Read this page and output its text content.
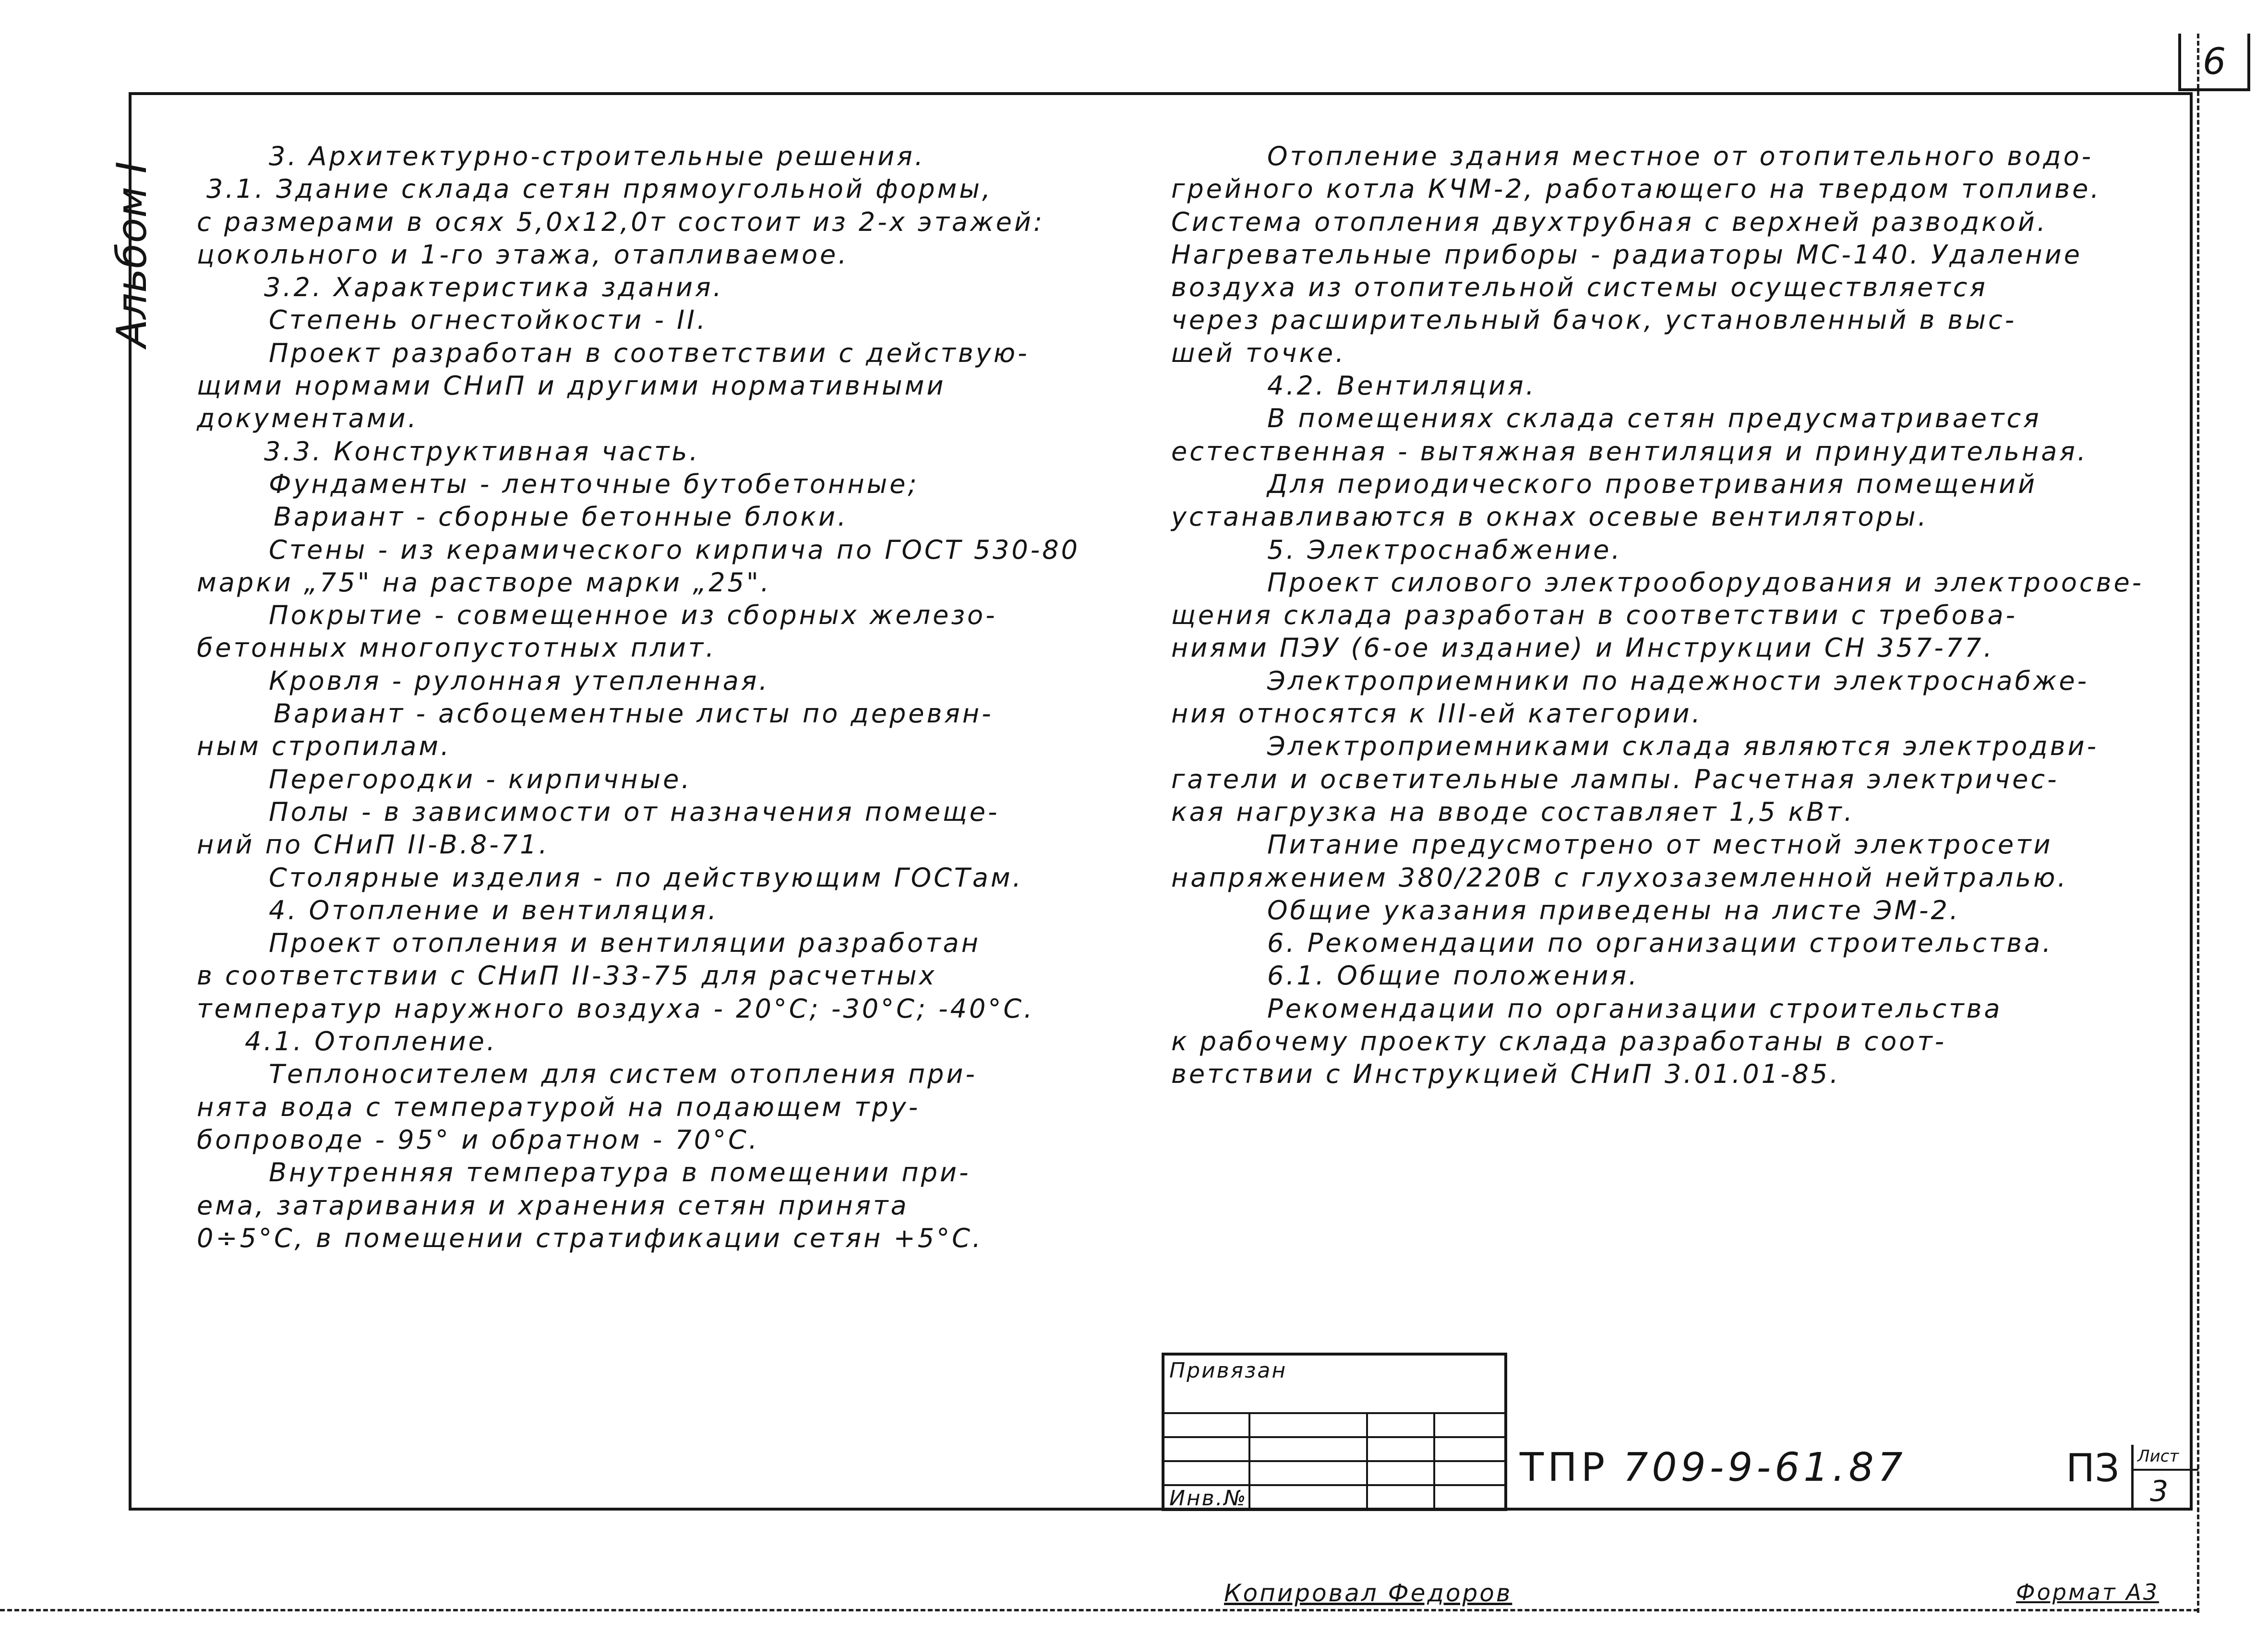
6
Альбом I
3. Архитектурно-строительные решения.
3.1. Здание склада сетян прямоугольной формы,
с размерами в осях 5,0х12,0т состоит из 2-х этажей:
цокольного и 1-го этажа, отапливаемое.
3.2. Характеристика здания.
Степень огнестойкости - II.
Проект разработан в соответствии с действую-
щими нормами СНиП и другими нормативными
документами.
3.3. Конструктивная часть.
Фундаменты - ленточные бутобетонные;
Вариант - сборные бетонные блоки.
Стены - из керамического кирпича по ГОСТ 530-80
марки „75" на растворе марки „25".
Покрытие - совмещенное из сборных железо-
бетонных многопустотных плит.
Кровля - рулонная утепленная.
Вариант - асбоцементные листы по деревян-
ным стропилам.
Перегородки - кирпичные.
Полы - в зависимости от назначения помеще-
ний по СНиП II-В.8-71.
Столярные изделия - по действующим ГОСТам.
4. Отопление и вентиляция.
Проект отопления и вентиляции разработан
в соответствии с СНиП II-33-75 для расчетных
температур наружного воздуха - 20°С; -30°С; -40°С.
4.1. Отопление.
Теплоносителем для систем отопления при-
нята вода с температурой на подающем тру-
бопроводе - 95° и обратном - 70°С.
Внутренняя температура в помещении при-
ема, затаривания и хранения сетян принята
0÷5°С, в помещении стратификации сетян +5°С.
Отопление здания местное от отопительного водо-
грейного котла КЧМ-2, работающего на твердом топливе.
Система отопления двухтрубная с верхней разводкой.
Нагревательные приборы - радиаторы МС-140. Удаление
воздуха из отопительной системы осуществляется
через расширительный бачок, установленный в выс-
шей точке.
4.2. Вентиляция.
В помещениях склада сетян предусматривается
естественная - вытяжная вентиляция и принудительная.
Для периодического проветривания помещений
устанавливаются в окнах осевые вентиляторы.
5. Электроснабжение.
Проект силового электрооборудования и электроосве-
щения склада разработан в соответствии с требова-
ниями ПЭУ (6-ое издание) и Инструкции СН 357-77.
Электроприемники по надежности электроснабже-
ния относятся к III-ей категории.
Электроприемниками склада являются электродви-
гатели и осветительные лампы. Расчетная электричес-
кая нагрузка на вводе составляет 1,5 кВт.
Питание предусмотрено от местной электросети
напряжением 380/220В с глухозаземленной нейтралью.
Общие указания приведены на листе ЭМ-2.
6. Рекомендации по организации строительства.
6.1. Общие положения.
Рекомендации по организации строительства
к рабочему проекту склада разработаны в соот-
ветствии с Инструкцией СНиП 3.01.01-85.
Привязан
Инв.№
ТПР 709-9-61.87	ПЗ Лист
3
Копировал Федоров	Формат А3
